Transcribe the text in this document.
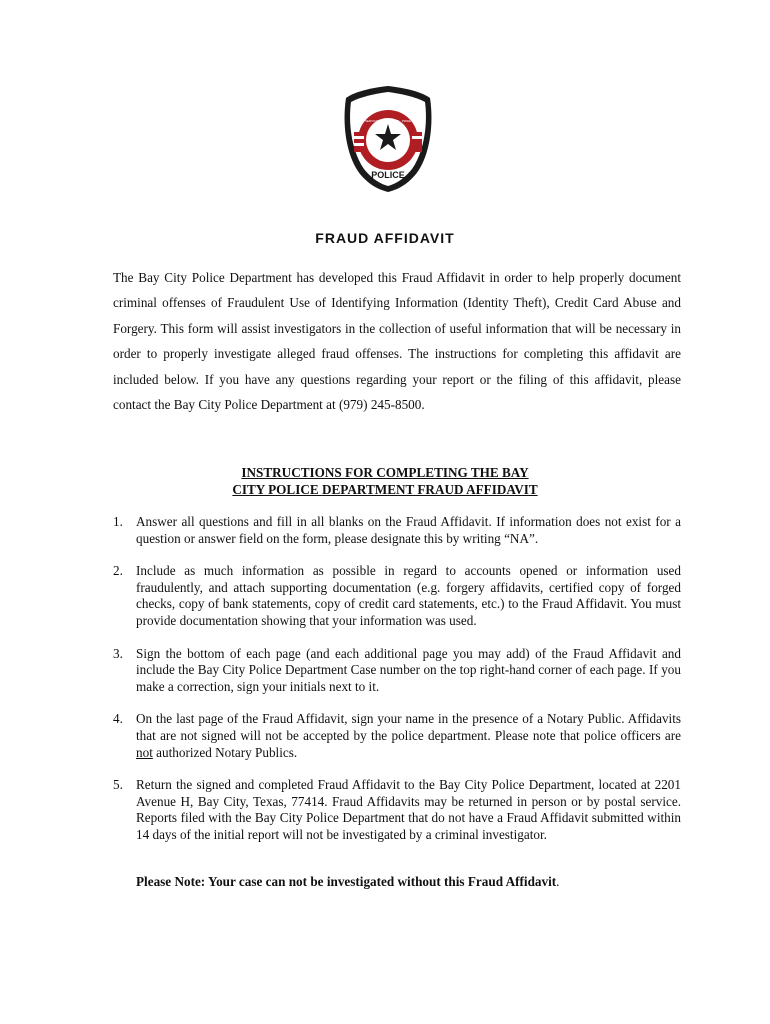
BAY CITY
BC
POLICE
SERVICE · COMMUNITY · PRIDE
FRAUD AFFIDAVIT

The Bay City Police Department has developed this Fraud Affidavit in order to help properly document criminal offenses of Fraudulent Use of Identifying Information (Identity Theft), Credit Card Abuse and Forgery. This form will assist investigators in the collection of useful information that will be necessary in order to properly investigate alleged fraud offenses. The instructions for completing this affidavit are included below. If you have any questions regarding your report or the filing of this affidavit, please contact the Bay City Police Department at (979) 245-8500.

INSTRUCTIONS FOR COMPLETING THE BAY
CITY POLICE DEPARTMENT FRAUD AFFIDAVIT
1. Answer all questions and fill in all blanks on the Fraud Affidavit. If information does not exist for a question or answer field on the form, please designate this by writing “NA”.
2. Include as much information as possible in regard to accounts opened or information used fraudulently, and attach supporting documentation (e.g. forgery affidavits, certified copy of forged checks, copy of bank statements, copy of credit card statements, etc.) to the Fraud Affidavit. You must provide documentation showing that your information was used.
3. Sign the bottom of each page (and each additional page you may add) of the Fraud Affidavit and include the Bay City Police Department Case number on the top right-hand corner of each page. If you make a correction, sign your initials next to it.
4. On the last page of the Fraud Affidavit, sign your name in the presence of a Notary Public. Affidavits that are not signed will not be accepted by the police department. Please note that police officers are not authorized Notary Publics.
5. Return the signed and completed Fraud Affidavit to the Bay City Police Department, located at 2201 Avenue H, Bay City, Texas, 77414. Fraud Affidavits may be returned in person or by postal service. Reports filed with the Bay City Police Department that do not have a Fraud Affidavit submitted within 14 days of the initial report will not be investigated by a criminal investigator.

Please Note: Your case can not be investigated without this Fraud Affidavit.
